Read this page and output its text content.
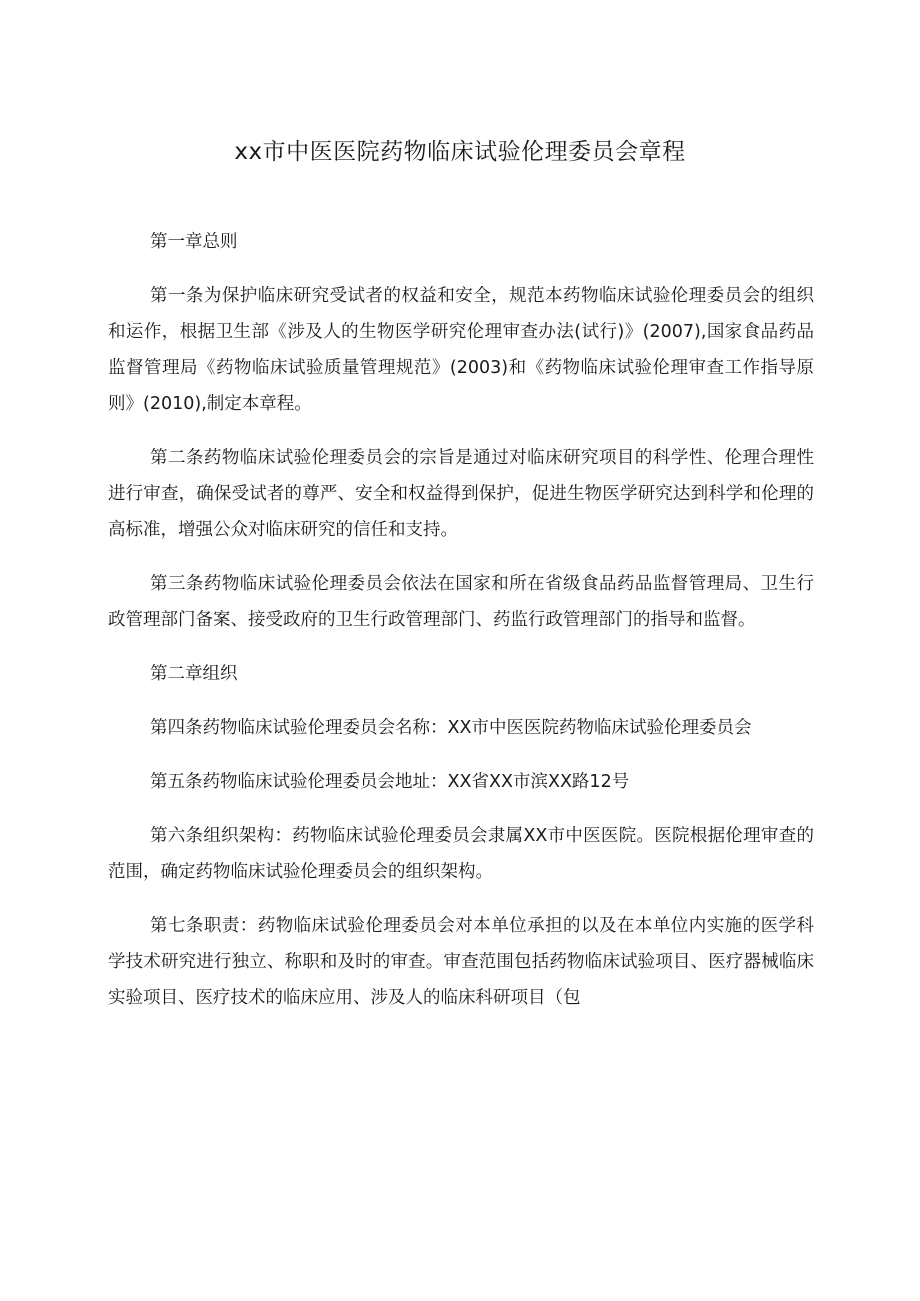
xx市中医医院药物临床试验伦理委员会章程

第一章总则

第一条为保护临床研究受试者的权益和安全，规范本药物临床试验伦理委员会的组织和运作，根据卫生部《涉及人的生物医学研究伦理审查办法(试行)》(2007),国家食品药品监督管理局《药物临床试验质量管理规范》(2003)和《药物临床试验伦理审查工作指导原则》(2010),制定本章程。

第二条药物临床试验伦理委员会的宗旨是通过对临床研究项目的科学性、伦理合理性进行审查，确保受试者的尊严、安全和权益得到保护，促进生物医学研究达到科学和伦理的高标准，增强公众对临床研究的信任和支持。

第三条药物临床试验伦理委员会依法在国家和所在省级食品药品监督管理局、卫生行政管理部门备案、接受政府的卫生行政管理部门、药监行政管理部门的指导和监督。

第二章组织

第四条药物临床试验伦理委员会名称：XX市中医医院药物临床试验伦理委员会

第五条药物临床试验伦理委员会地址：XX省XX市滨XX路12号

第六条组织架构：药物临床试验伦理委员会隶属XX市中医医院。医院根据伦理审查的范围，确定药物临床试验伦理委员会的组织架构。

第七条职责：药物临床试验伦理委员会对本单位承担的以及在本单位内实施的医学科学技术研究进行独立、称职和及时的审查。审查范围包括药物临床试验项目、医疗器械临床实验项目、医疗技术的临床应用、涉及人的临床科研项目（包
